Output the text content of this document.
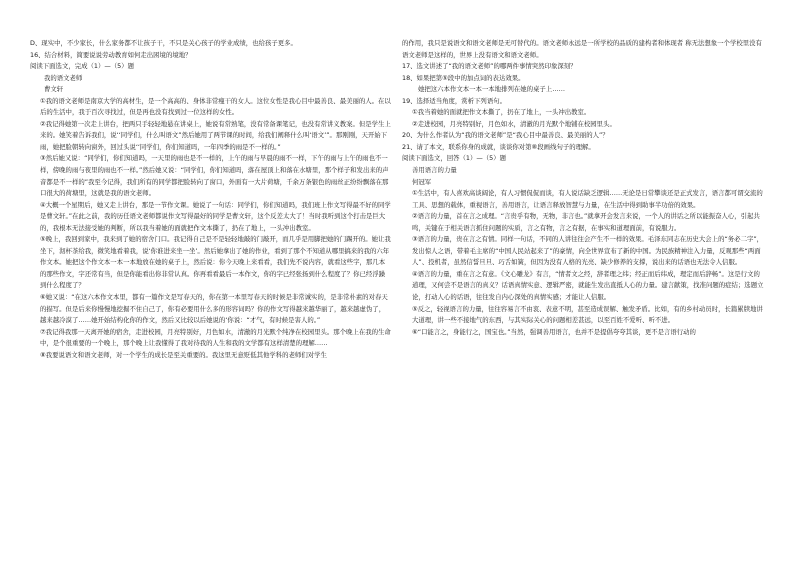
D、现实中，不少家长，什么家务都不让孩子干，不只是关心孩子的学业成绩，也给孩子更多。
16、结合材料，简要说说劳动教育如何走出困境的境地？
阅读下面选文，完成（1）—（5）题
我的语文老师
曹文轩
①我的语文老师是南京大学的高材生，是一个高高的、身体非常瘦干的女人。这位女性是我心目中最善良、最美丽的人。在以后的生活中，我于百次寻找过，但是再也没有找到过一位这样的女性。
②我记得她第一次走上讲台，把两只手轻轻地悬在讲桌上，她说有常熟笔，没有常备课笔记，也没有常讲义教案。但是学生上来的。她笑着告诉我们，说‘‘同学们，什么叫语文”然后她用了两节课的时间，给我们阐释什么叫‘语文’”。那刚刚，天开始下雨，她把脸朝转向窗外，回过头说‘‘同学们，你们知道吗，一年四季的雨是不一样的。”
③然后她又说：“同学们，你们知道吗，一天里的雨也是不一样的，上午的雨与早晨的雨不一样，下午的雨与上午的雨也不一样，傍晚的雨与夜里的雨也不一样。”然后她又说：“同学们，你们知道吗，落在屋顶上和落在水塘里，那个样子和发出来的声音都是不一样的”我至今记得，我们所有的同学都把脸转向了窗口，外面有一大片荷塘，千余万条银色的雨丝正纷纷飘落在那口很大的荷塘里，这就是我的语文老师。
④大概一个星期后，她又走上讲台，那是一节作文课。她说了一句话：同学们，你们知道吗，我们班上作文写得最不好的同学是曹文轩。”在此之前，我的历任语文老师都说作文写得最好的同学是曹文轩，这个反差太大了！当时我听到这个打击是巨大的，我根本无法接受她的判断，所以我当着她的面就把作文本撕了，扔在了地上，一头冲出教室。
⑤晚上，我回到家中，我来到了她的宿舍门口。我记得自己是不是轻轻地敲的门敲开，而几乎是用脚把她的门踢开的。她让我坐下，沏杯茶给我，微笑地看着我，说‘你谁进来坐一坐’。然后她拿出了她的作业，看到了那个不知道从哪里搞来的我的六年作文本。她把这个作文本一本一本地放在她的桌子上，然后说：你今天晚上来看看，我们先不说内容，就看这些字，那几本的那些作文，字还常有当，但是你能看出你非常认真。你再看看最后一本作文，你的字已经张扬到什么程度了？你已经浮躁到什么程度了？
⑥她又说：“在这六本作文本里，都有一篇作文是写春天的，你在第一本里写春天的时候是非常诚实的，是非常朴素的对春天的描写。但是后来你慢慢地挖掘不住自己了，你有必要用什么多的形容词吗？你的作文写得越来越华丽了，越来越虚伪了，越来越冷漠了……她开始结构化你的作文，然后又比较以后她说的‘你说：“才气，有时候是害人的。”
⑦我记得我那一天离开她的宿舍，走进校园，月亮特别好，月色如水，清澈的月光默个纯净在校园里头。那个晚上在我的生命中，是个很重要的一个晚上，那个晚上让我懂得了我对待我的人生和我的文学都有这样清楚的理解……
⑧我要说语文和语文老师，对一个学生的成长是至关重要的。我这里无意贬低其他学科的老师们对学生
的作用，我只是说语文和语文老师是无可替代的。语文老师永远是一所学校的品质的建构者和体现者 称无法想象一个学校里没有语文老师是这样的，世界上没有语文和语文老师。
17、选文讲述了“我的语文老师”的哪两件事情突然印象深刻？
18、如果把第⑤段中的加点词的表达效果。
她把这六本作文本一本一本地排列在她的桌子上……
19、选择适当角度，赏析下列语句。
①我当着她的面就把作文本撕了，扔在了地上，一头冲出教室。
②走进校园，月亮特别好，月色如水，清澈的月光默个地铺在校园里头。
20、为什么作者认为“我的语文老师”是“我心目中最善良、最美丽的人”？
21、请了本文，联系你身的成就，谈谈你对第⑧段画线句子的理解。
阅读下面选文，回答（1）—（5）题
善用语言的力量
何冠军
①生活中，有人喜欢高谈阔论，有人习惯侃侃而谈，有人说话缺乏逻辑……无论是日常攀谈还是正式发言，语言都可谓交流的工具、思想的载体，重视语言，善用语言，让语言释放智慧与力量，在生活中得到助事半功倍的效果。
②语言的力量，首在言之成理。“言贵乎有物，无物，非言也。”就拿开会发言来说，一个人的讲话之所以能振奋人心，引起共鸣，关键在于相关语言抓住问题的实质，言之有物，言之有据，在事实和道理面前，有说服力。
③语言的力量，贵在言之有情。同样一句话，不同的人讲往往会产生不一样的效果。毛泽东同志在历史大会上的“务必二字”，发出惊人之语，带着毛主席的“中国人民站起来了”的豪情，向全世界宣布了新的中国。为民族精神注入力量，反观那些“两面人”、投机者，虽然信誓旦旦、巧舌如簧，但因为没有人格的光亮、缺少修养的支撑，说出来的话语也无法令人信服。
④语言的力量，重在言之有意。《文心雕龙》有言，“情者文之经，辞者理之纬；经正而后纬成，理定而后辞畅”。这是行文的道理，又何尝不是语言的真义？话语真情实意、逻辑严密，就能生发出直抵人心的力量。建言献策，找准问题的症结；选题立论，打动人心的话语，往往发自内心深处的真情实感；才能让人信服。
⑤反之，轻视语言的力量，往往容易言不由衷、表意不明，甚至造成误解、触发矛盾。比如，有的乡村动员时，长篇累牍地讲大道理，讲一些不接地气的东西，与其实际关心的问题相差甚远，以至百姓不爱听、听不进。
⑥“口能言之，身能行之，国宝也。”当然，强调善用语言，也并不是提倡夸夸其谈，更不是言语行动的
